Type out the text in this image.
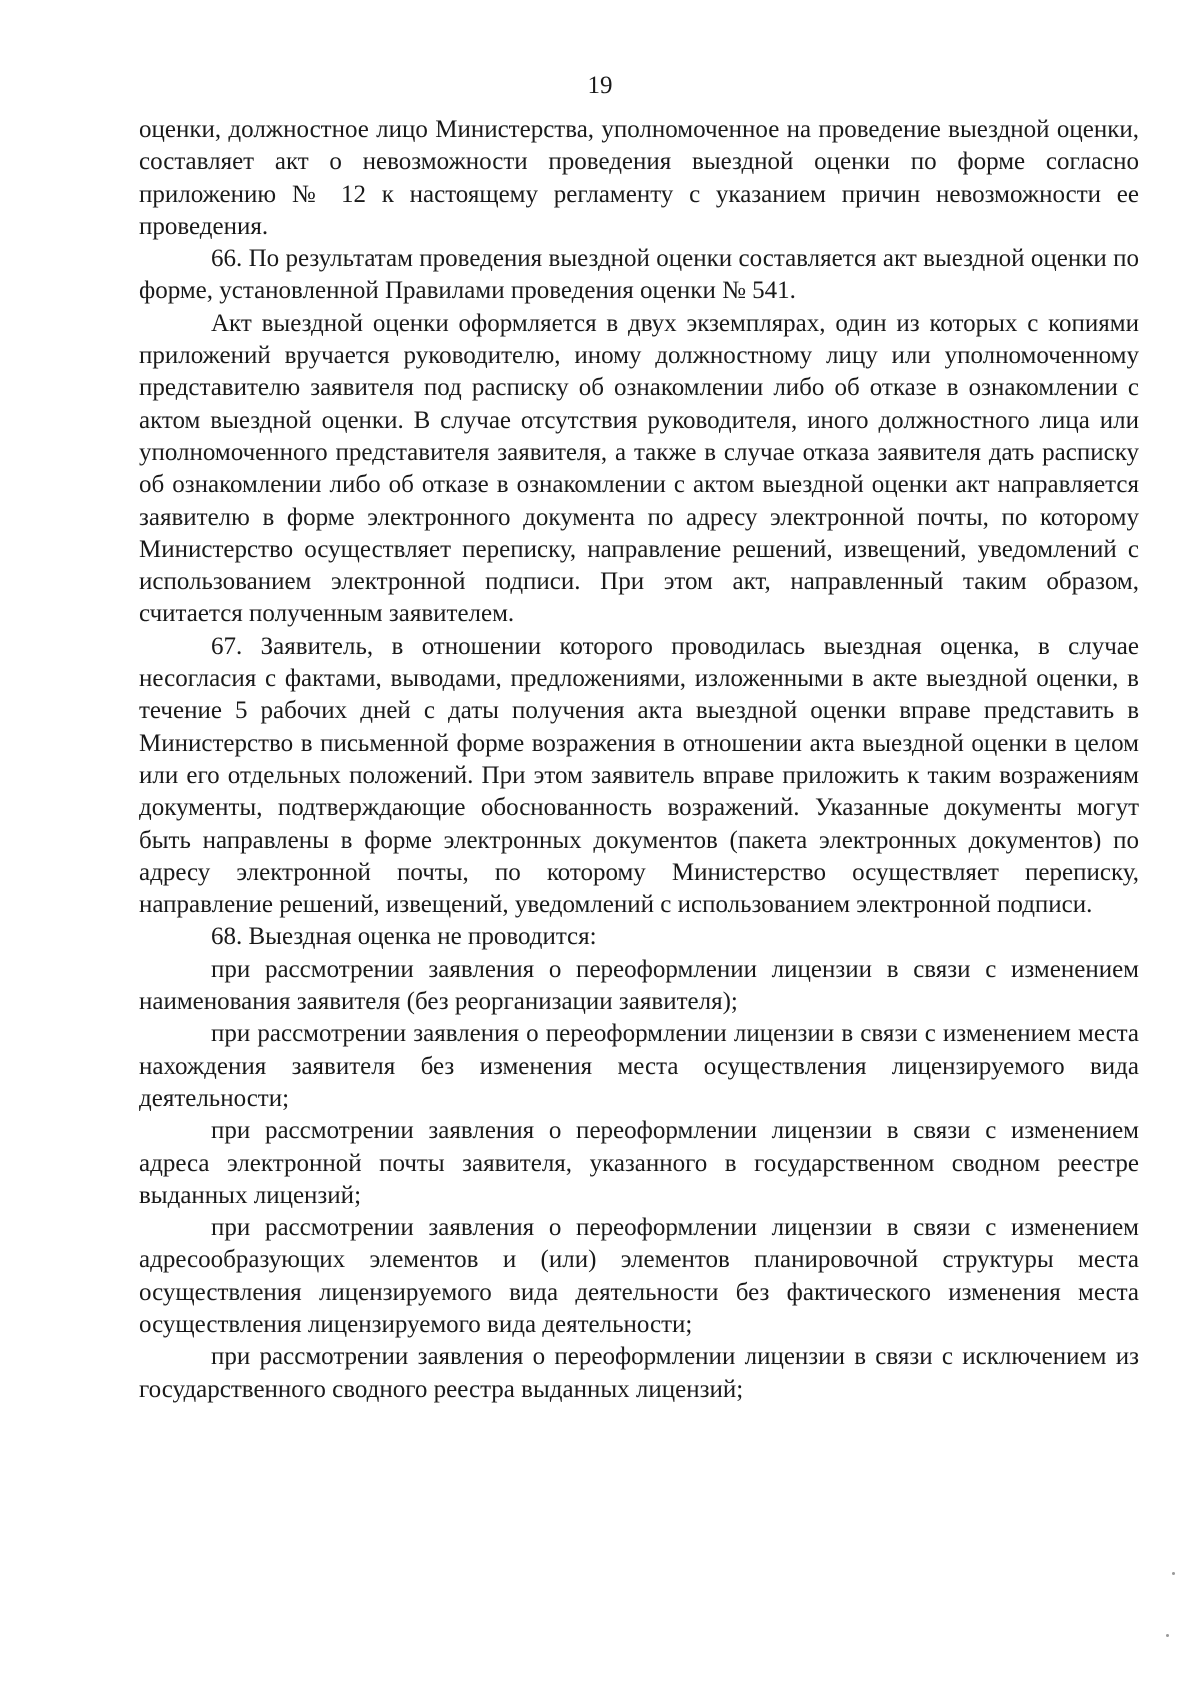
19

оценки, должностное лицо Министерства, уполномоченное на проведение выездной оценки, составляет акт о невозможности проведения выездной оценки по форме согласно приложению № 12 к настоящему регламенту с указанием причин невозможности ее проведения.

66. По результатам проведения выездной оценки составляется акт выездной оценки по форме, установленной Правилами проведения оценки № 541.

Акт выездной оценки оформляется в двух экземплярах, один из которых с копиями приложений вручается руководителю, иному должностному лицу или уполномоченному представителю заявителя под расписку об ознакомлении либо об отказе в ознакомлении с актом выездной оценки. В случае отсутствия руководителя, иного должностного лица или уполномоченного представителя заявителя, а также в случае отказа заявителя дать расписку об ознакомлении либо об отказе в ознакомлении с актом выездной оценки акт направляется заявителю в форме электронного документа по адресу электронной почты, по которому Министерство осуществляет переписку, направление решений, извещений, уведомлений с использованием электронной подписи. При этом акт, направленный таким образом, считается полученным заявителем.

67. Заявитель, в отношении которого проводилась выездная оценка, в случае несогласия с фактами, выводами, предложениями, изложенными в акте выездной оценки, в течение 5 рабочих дней с даты получения акта выездной оценки вправе представить в Министерство в письменной форме возражения в отношении акта выездной оценки в целом или его отдельных положений. При этом заявитель вправе приложить к таким возражениям документы, подтверждающие обоснованность возражений. Указанные документы могут быть направлены в форме электронных документов (пакета электронных документов) по адресу электронной почты, по которому Министерство осуществляет переписку, направление решений, извещений, уведомлений с использованием электронной подписи.

68. Выездная оценка не проводится:

при рассмотрении заявления о переоформлении лицензии в связи с изменением наименования заявителя (без реорганизации заявителя);

при рассмотрении заявления о переоформлении лицензии в связи с изменением места нахождения заявителя без изменения места осуществления лицензируемого вида деятельности;

при рассмотрении заявления о переоформлении лицензии в связи с изменением адреса электронной почты заявителя, указанного в государственном сводном реестре выданных лицензий;

при рассмотрении заявления о переоформлении лицензии в связи с изменением адресообразующих элементов и (или) элементов планировочной структуры места осуществления лицензируемого вида деятельности без фактического изменения места осуществления лицензируемого вида деятельности;

при рассмотрении заявления о переоформлении лицензии в связи с исключением из государственного сводного реестра выданных лицензий;
